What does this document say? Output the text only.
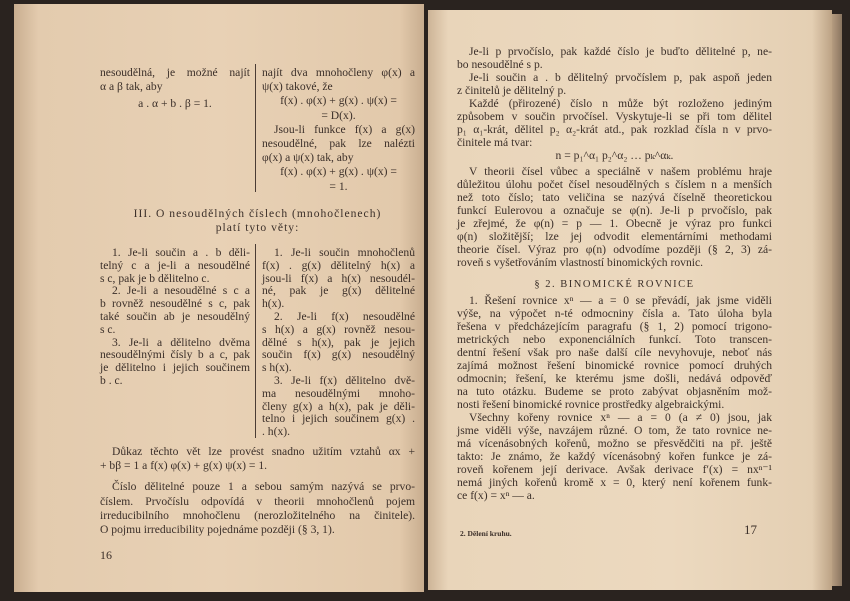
nesoudělná, je možné najít
α a β tak, aby
a . α + b . β = 1.
najít dva mnohočleny φ(x) a
ψ(x) takové, že
f(x) . φ(x) + g(x) . ψ(x) =
= D(x).
Jsou-li funkce f(x) a g(x)
nesoudělné, pak lze nalézti
φ(x) a ψ(x) tak, aby
f(x) . φ(x) + g(x) . ψ(x) =
= 1.
III. O nesoudělných číslech (mnohočlenech)
platí tyto věty:
1. Je-li součin a . b děli-
telný c a je-li a nesoudělné
s c, pak je b dělitelno c.
2. Je-li a nesoudělné s c a
b rovněž nesoudělné s c, pak
také součin ab je nesoudělný
s c.
3. Je-li a dělitelno dvěma
nesoudělnými čísly b a c, pak
je dělitelno i jejich součinem
b . c.
1. Je-li součin mnohočlenů
f(x) . g(x) dělitelný h(x) a
jsou-li f(x) a h(x) nesoudél-
né, pak je g(x) dělitelné
h(x).
2. Je-li f(x) nesoudělné
s h(x) a g(x) rovněž nesou-
dělné s h(x), pak je jejich
součin f(x) g(x) nesoudělný
s h(x).
3. Je-li f(x) dělitelno dvě-
ma nesoudělnými mnoho-
členy g(x) a h(x), pak je děli-
telno i jejich součinem g(x) .
. h(x).
Důkaz těchto vět lze provést snadno užitím vztahů αx +
+ bβ = 1 a f(x) φ(x) + g(x) ψ(x) = 1.
Číslo dělitelné pouze 1 a sebou samým nazývá se prvo-
číslem. Prvočíslu odpovídá v theorii mnohočlenů pojem
irreducibilního mnohočlenu (nerozložitelného na činitele).
O pojmu irreducibility pojednáme později (§ 3, 1).
16
Je-li p prvočíslo, pak každé číslo je buďto dělitelné p, ne-
bo nesoudělné s p.
Je-li součin a . b dělitelný prvočíslem p, pak aspoň jeden
z činitelů je dělitelný p.
Každé (přirozené) číslo n může být rozloženo jediným
způsobem v součin prvočísel. Vyskytuje-li se při tom dělitel
p₁ α₁-krát, dělitel p₂ α₂-krát atd., pak rozklad čísla n v prvo-
činitele má tvar:
n = p₁^α₁ p₂^α₂ … pₖ^αₖ.
V theorii čísel vůbec a speciálně v našem problému hraje
důležitou úlohu počet čísel nesoudělných s číslem n a menších
než toto číslo; tato veličina se nazývá číselně theoretickou
funkcí Eulerovou a označuje se φ(n). Je-li p prvočíslo, pak
je zřejmé, že φ(n) = p — 1. Obecně je výraz pro funkci
φ(n) složitější; lze jej odvodit elementárními methodami
theorie čísel. Výraz pro φ(n) odvodíme později (§ 2, 3) zá-
roveň s vyšetřováním vlastností binomických rovnic.
§ 2. BINOMICKÉ ROVNICE
1. Řešení rovnice xⁿ — a = 0 se převádí, jak jsme viděli
výše, na výpočet n-té odmocniny čísla a. Tato úloha byla
řešena v předcházejícím paragrafu (§ 1, 2) pomocí trigono-
metrických nebo exponenciálních funkcí. Toto transcen-
dentní řešení však pro naše další cíle nevyhovuje, neboť nás
zajímá možnost řešení binomické rovnice pomocí druhých
odmocnin; řešení, ke kterému jsme došli, nedává odpověď
na tuto otázku. Budeme se proto zabývat objasněním mož-
nosti řešení binomické rovnice prostředky algebraickými.
Všechny kořeny rovnice xⁿ — a = 0 (a ≠ 0) jsou, jak
jsme viděli výše, navzájem různé. O tom, že tato rovnice ne-
má vícenásobných kořenů, možno se přesvědčiti na př. ještě
takto: Je známo, že každý vícenásobný kořen funkce je zá-
roveň kořenem její derivace. Avšak derivace f′(x) = nxⁿ⁻¹
nemá jiných kořenů kromě x = 0, který není kořenem funk-
ce f(x) = xⁿ — a.
2. Dělení kruhu.	17
